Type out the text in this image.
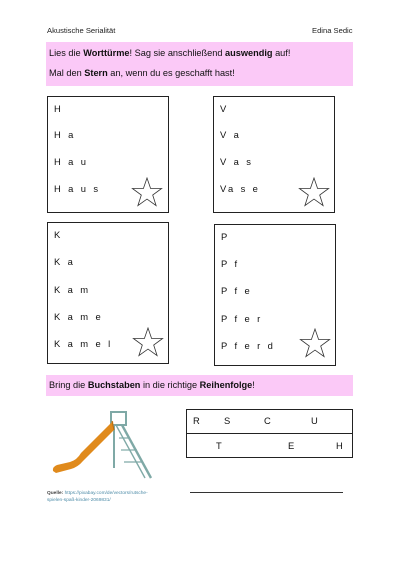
Akustische Serialität	Edina Sedic
Lies die Worttürme! Sag sie anschließend auswendig auf!
Mal den Stern an, wenn du es geschafft hast!
H
H a
H a u
H a u s
V
V a
V a s
Va s e
K
K a
K a m
K a m e
K a m e l
P
P f
P f e
P f e r
P f e r d
Bring die Buchstaben in die richtige Reihenfolge!
R	S	C	U
T	E	H
Quelle: https://pixabay.com/de/vectors/rutsche-spielen-spaß-kinder-2069831/
